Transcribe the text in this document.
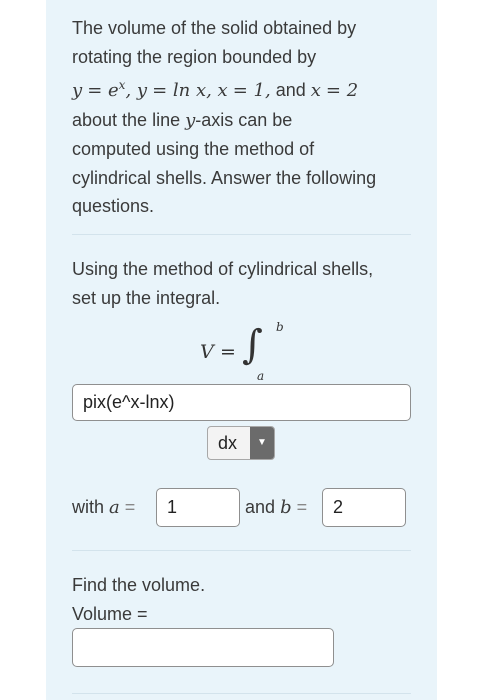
The volume of the solid obtained by
rotating the region bounded by
$y = e^x$, y = ln x, x = 1, and x = 2
about the line y-axis can be
computed using the method of
cylindrical shells. Answer the following
questions.
Using the method of cylindrical shells,
set up the integral.
V = ∫ b
a
pix(e^x-lnx)
dx	▼
with a =	1	and b =	2
Find the volume.
Volume =
